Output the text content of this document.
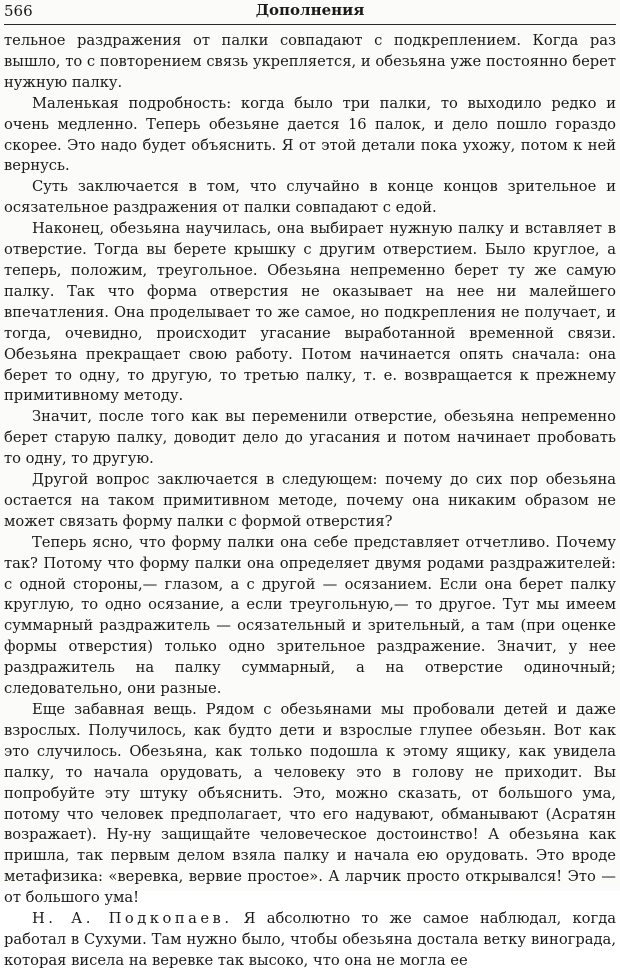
566	Дополнения

тельное раздражения от палки совпадают с подкреплением. Когда раз вышло, то с повторением связь укрепляется, и обезьяна уже постоянно берет нужную палку.

Маленькая подробность: когда было три палки, то выходило редко и очень медленно. Теперь обезьяне дается 16 палок, и дело пошло гораздо скорее. Это надо будет объяснить. Я от этой детали пока ухожу, потом к ней вернусь.

Суть заключается в том, что случайно в конце концов зрительное и осязательное раздражения от палки совпадают с едой.

Наконец, обезьяна научилась, она выбирает нужную палку и вставляет в отверстие. Тогда вы берете крышку с другим отверстием. Было круглое, а теперь, положим, треугольное. Обезьяна непременно берет ту же самую палку. Так что форма отверстия не оказывает на нее ни малейшего впечатления. Она проделывает то же самое, но подкрепления не получает, и тогда, очевидно, происходит угасание выработанной временной связи. Обезьяна прекращает свою работу. Потом начинается опять сначала: она берет то одну, то другую, то третью палку, т. е. возвращается к прежнему примитивному методу.

Значит, после того как вы переменили отверстие, обезьяна непременно берет старую палку, доводит дело до угасания и потом начинает пробовать то одну, то другую.

Другой вопрос заключается в следующем: почему до сих пор обезьяна остается на таком примитивном методе, почему она никаким образом не может связать форму палки с формой отверстия?

Теперь ясно, что форму палки она себе представляет отчетливо. Почему так? Потому что форму палки она определяет двумя родами раздражителей: с одной стороны,— глазом, а с другой — осязанием. Если она берет палку круглую, то одно осязание, а если треугольную,— то другое. Тут мы имеем суммарный раздражитель — осязательный и зрительный, а там (при оценке формы отверстия) только одно зрительное раздражение. Значит, у нее раздражитель на палку суммарный, а на отверстие одиночный; следовательно, они разные.

Еще забавная вещь. Рядом с обезьянами мы пробовали детей и даже взрослых. Получилось, как будто дети и взрослые глупее обезьян. Вот как это случилось. Обезьяна, как только подошла к этому ящику, как увидела палку, то начала орудовать, а человеку это в голову не приходит. Вы попробуйте эту штуку объяснить. Это, можно сказать, от большого ума, потому что человек предполагает, что его надувают, обманывают (Асратян возражает). Ну-ну защищайте человеческое достоинство! А обезьяна как пришла, так первым делом взяла палку и начала ею орудовать. Это вроде метафизика: «веревка, вервие простое». А ларчик просто открывался! Это — от большого ума!

Н. А. Подкопаев. Я абсолютно то же самое наблюдал, когда работал в Сухуми. Там нужно было, чтобы обезьяна достала ветку винограда, которая висела на веревке так высоко, что она не могла ее
